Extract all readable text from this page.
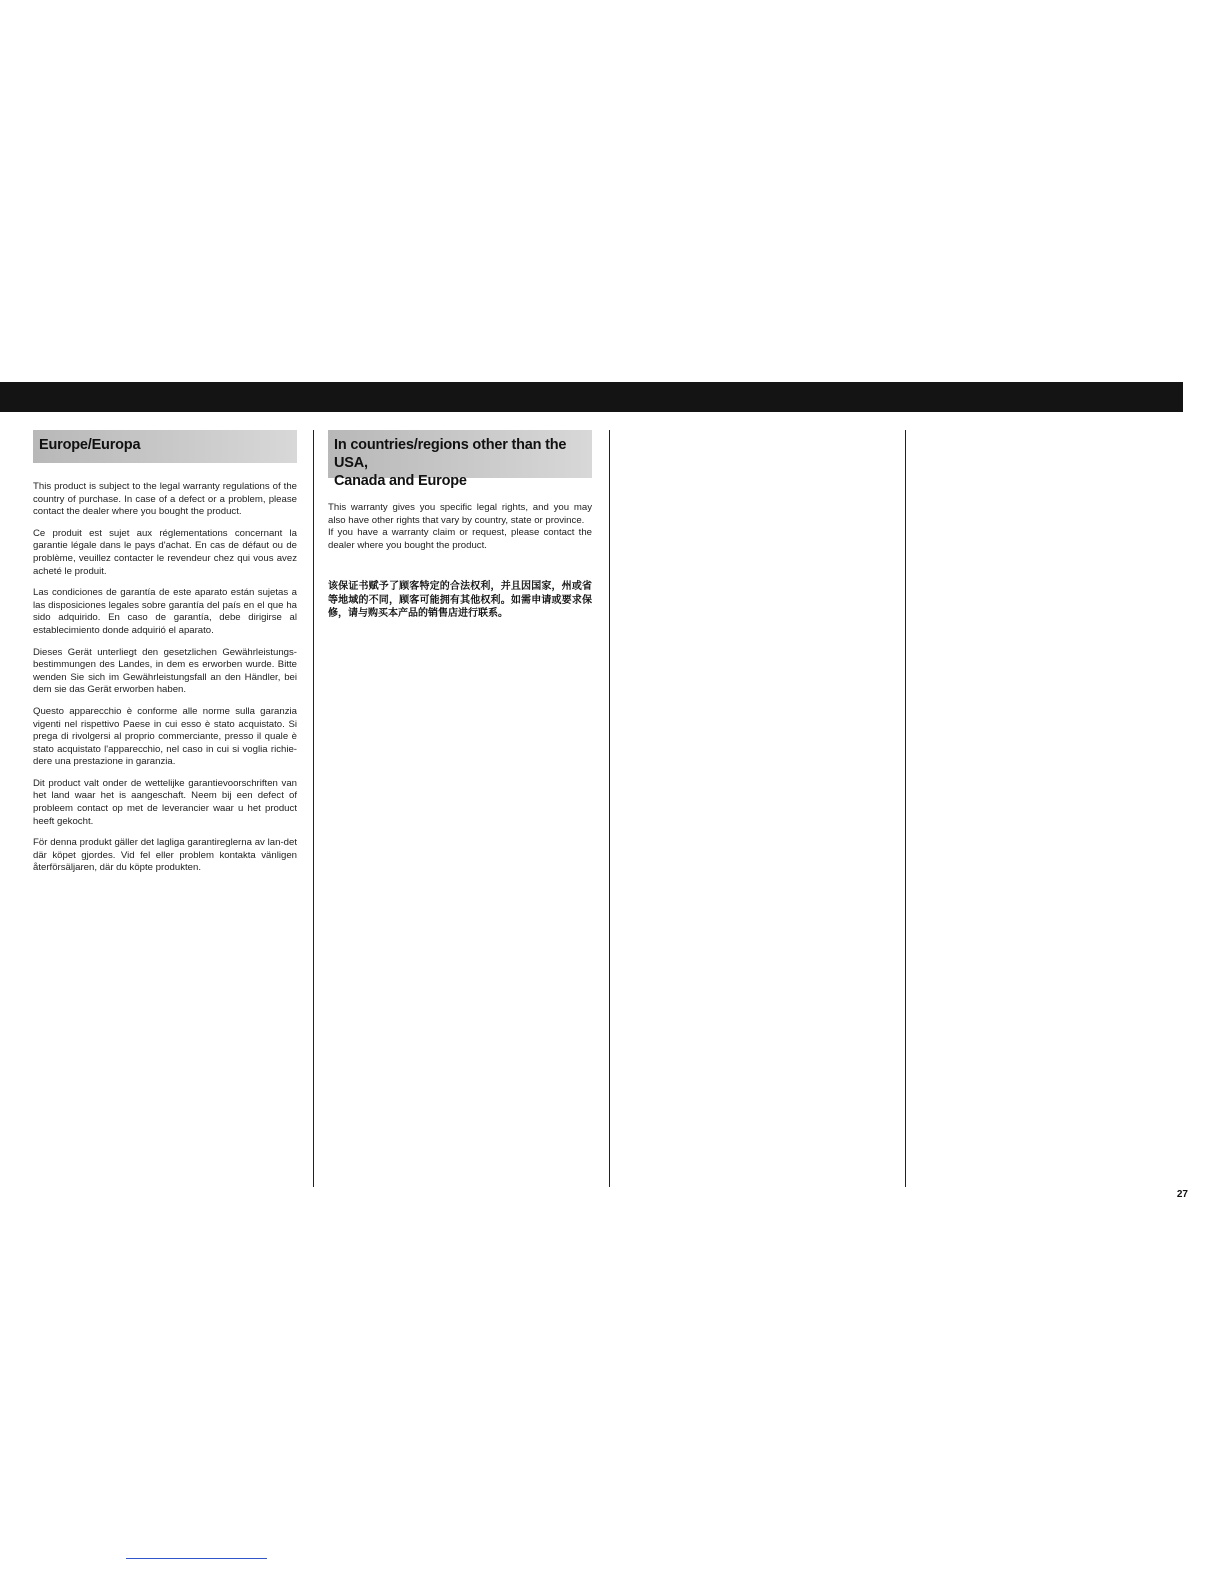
Europe/Europa

This product is subject to the legal warranty regulations of the country of purchase. In case of a defect or a problem, please contact the dealer where you bought the product.

Ce produit est sujet aux réglementations concernant la garantie légale dans le pays d'achat. En cas de défaut ou de problème, veuillez contacter le revendeur chez qui vous avez acheté le produit.

Las condiciones de garantía de este aparato están sujetas a las disposiciones legales sobre garantía del país en el que ha sido adquirido. En caso de garantía, debe dirigirse al establecimiento donde adquirió el aparato.

Dieses Gerät unterliegt den gesetzlichen Gewährleistungs-bestimmungen des Landes, in dem es erworben wurde. Bitte wenden Sie sich im Gewährleistungsfall an den Händler, bei dem sie das Gerät erworben haben.

Questo apparecchio è conforme alle norme sulla garanzia vigenti nel rispettivo Paese in cui esso è stato acquistato. Si prega di rivolgersi al proprio commerciante, presso il quale è stato acquistato l'apparecchio, nel caso in cui si voglia richie-dere una prestazione in garanzia.

Dit product valt onder de wettelijke garantievoorschriften van het land waar het is aangeschaft. Neem bij een defect of probleem contact op met de leverancier waar u het product heeft gekocht.

För denna produkt gäller det lagliga garantireglerna av lan-det där köpet gjordes. Vid fel eller problem kontakta vänligen återförsäljaren, där du köpte produkten.

In countries/regions other than the USA,
Canada and Europe

This warranty gives you specific legal rights, and you may also have other rights that vary by country, state or province.

If you have a warranty claim or request, please contact the dealer where you bought the product.

该保证书赋予了顾客特定的合法权利，并且因国家，州或省等地域的不同，顾客可能拥有其他权利。如需申请或要求保修，请与购买本产品的销售店进行联系。

27
